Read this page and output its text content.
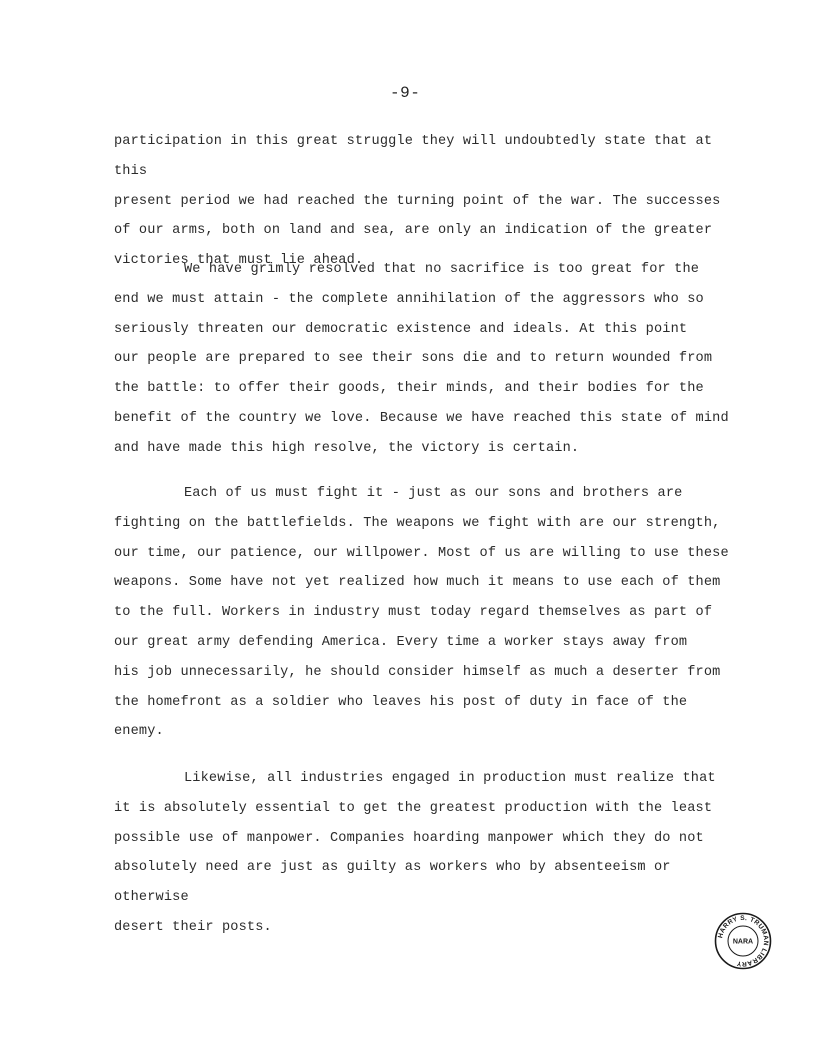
-9-

participation in this great struggle they will undoubtedly state that at this
present period we had reached the turning point of the war. The successes
of our arms, both on land and sea, are only an indication of the greater
victories that must lie ahead.

We have grimly resolved that no sacrifice is too great for the
end we must attain - the complete annihilation of the aggressors who so
seriously threaten our democratic existence and ideals. At this point
our people are prepared to see their sons die and to return wounded from
the battle: to offer their goods, their minds, and their bodies for the
benefit of the country we love. Because we have reached this state of mind
and have made this high resolve, the victory is certain.

Each of us must fight it - just as our sons and brothers are
fighting on the battlefields. The weapons we fight with are our strength,
our time, our patience, our willpower. Most of us are willing to use these
weapons. Some have not yet realized how much it means to use each of them
to the full. Workers in industry must today regard themselves as part of
our great army defending America. Every time a worker stays away from
his job unnecessarily, he should consider himself as much a deserter from
the homefront as a soldier who leaves his post of duty in face of the
enemy.

Likewise, all industries engaged in production must realize that
it is absolutely essential to get the greatest production with the least
possible use of manpower. Companies hoarding manpower which they do not
absolutely need are just as guilty as workers who by absenteeism or otherwise
desert their posts.

HARRY S. TRUMAN LIBRARY
NARA
